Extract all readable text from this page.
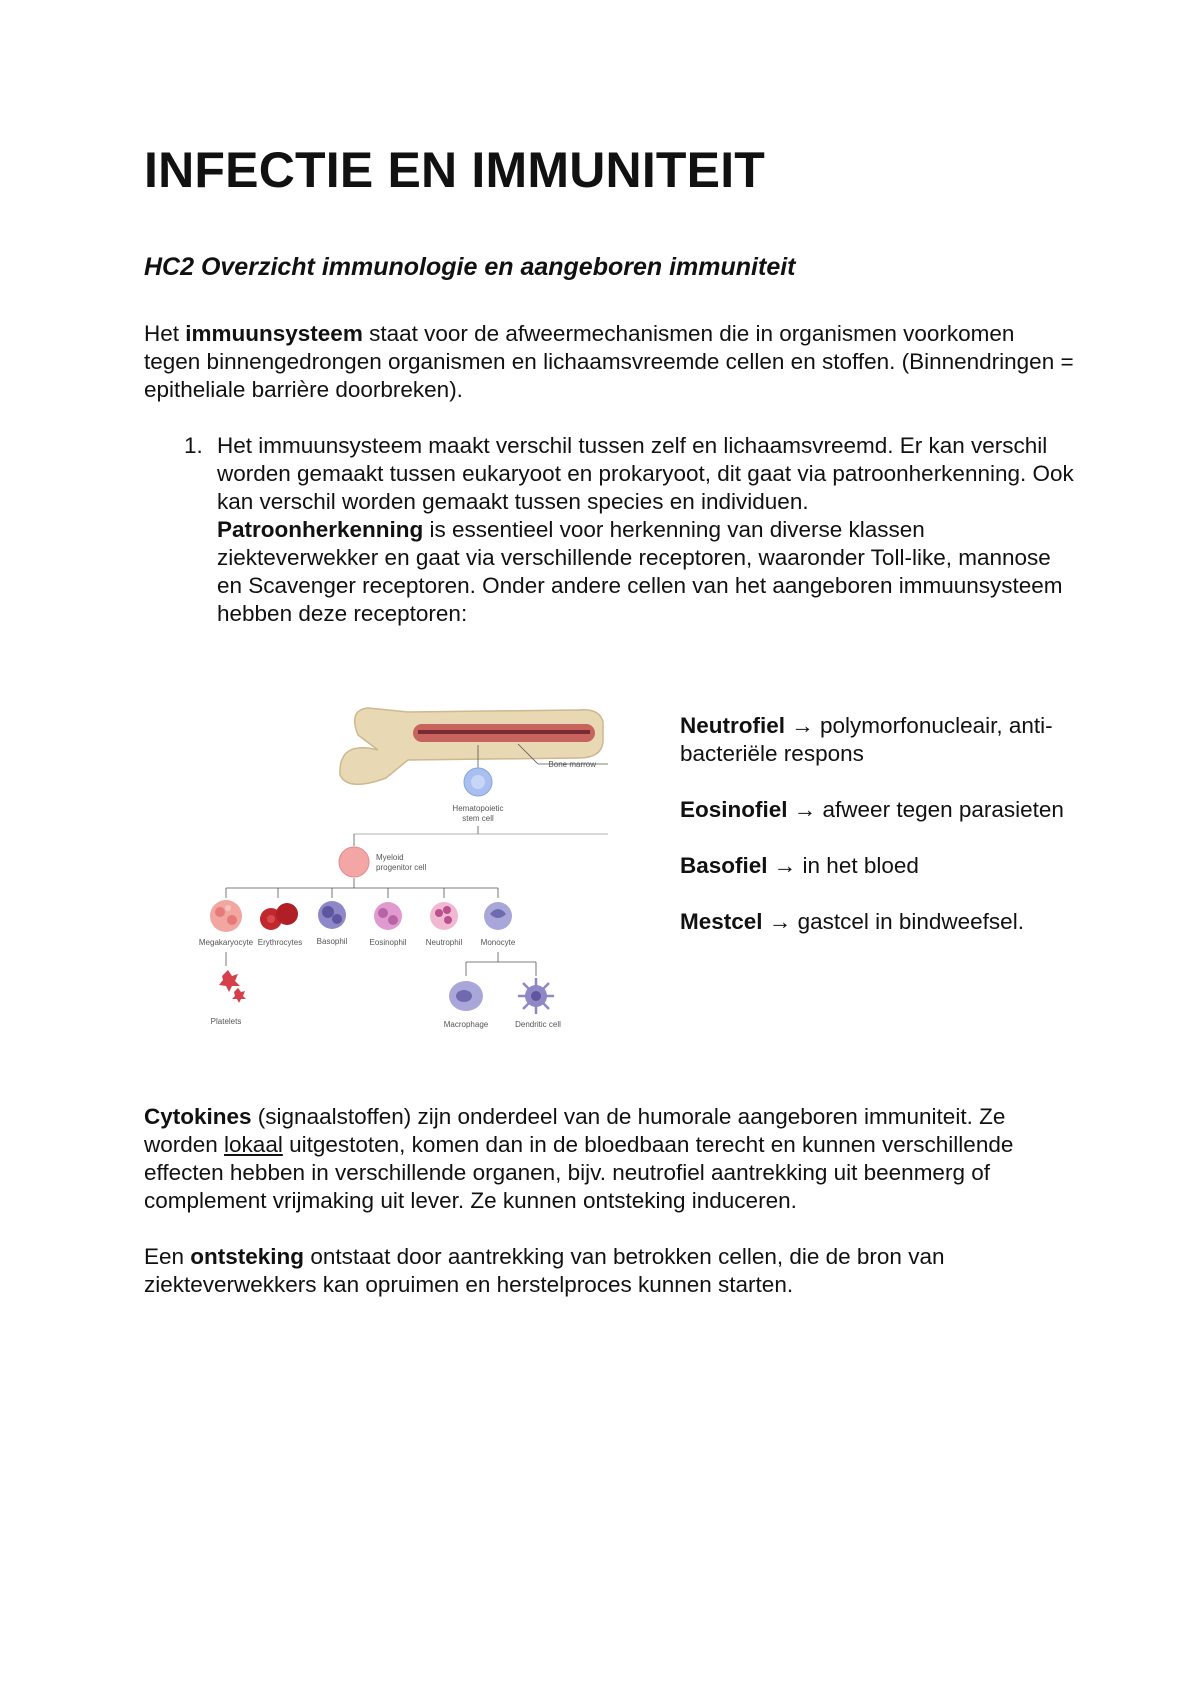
INFECTIE EN IMMUNITEIT
HC2 Overzicht immunologie en aangeboren immuniteit

Het immuunsysteem staat voor de afweermechanismen die in organismen voorkomen tegen binnengedrongen organismen en lichaamsvreemde cellen en stoffen. (Binnendringen = epitheliale barrière doorbreken).

1. Het immuunsysteem maakt verschil tussen zelf en lichaamsvreemd. Er kan verschil worden gemaakt tussen eukaryoot en prokaryoot, dit gaat via patroonherkenning. Ook kan verschil worden gemaakt tussen species en individuen.

Patroonherkenning is essentieel voor herkenning van diverse klassen ziekteverwekker en gaat via verschillende receptoren, waaronder Toll-like, mannose en Scavenger receptoren. Onder andere cellen van het aangeboren immuunsysteem hebben deze receptoren:

Bone marrow
Hematopoietic
stem cell
Myeloid
progenitor cell
Megakaryocyte Erythrocytes Basophil	Eosinophil Neutrophil Monocyte
Platelets	Macrophage	Dendritic cell

Neutrofiel → polymorfonucleair, anti-bacteriële respons

Eosinofiel → afweer tegen parasieten

Basofiel → in het bloed

Mestcel → gastcel in bindweefsel.

Cytokines (signaalstoffen) zijn onderdeel van de humorale aangeboren immuniteit. Ze worden lokaal uitgestoten, komen dan in de bloedbaan terecht en kunnen verschillende effecten hebben in verschillende organen, bijv. neutrofiel aantrekking uit beenmerg of complement vrijmaking uit lever. Ze kunnen ontsteking induceren.

Een ontsteking ontstaat door aantrekking van betrokken cellen, die de bron van ziekteverwekkers kan opruimen en herstelproces kunnen starten.
